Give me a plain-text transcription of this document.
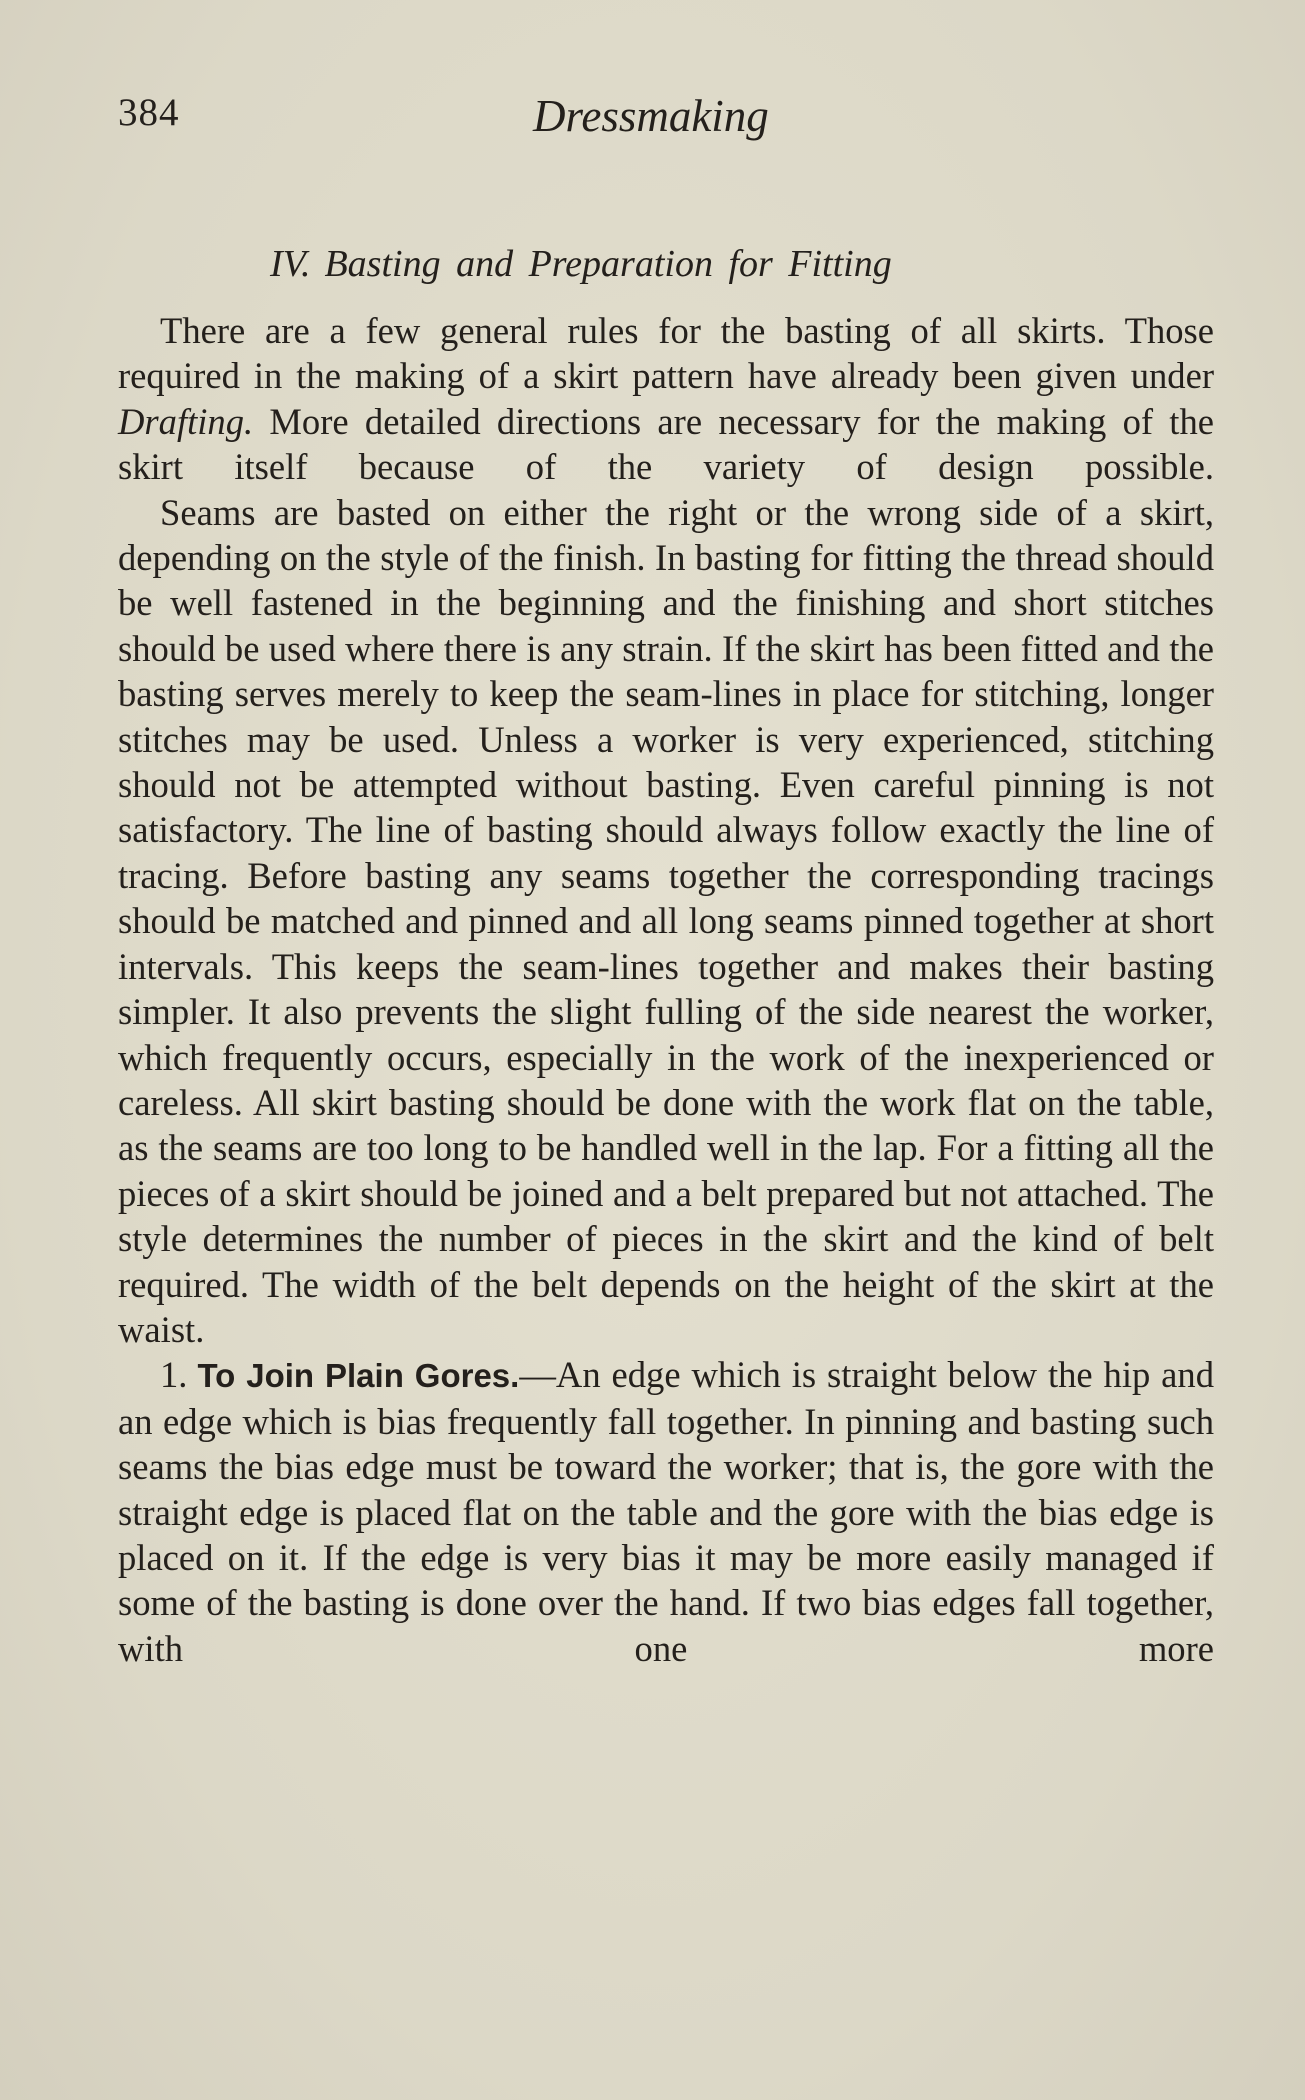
384	Dressmaking
IV. Basting and Preparation for Fitting

There are a few general rules for the basting of all skirts. Those required in the making of a skirt pattern have already been given under Drafting. More detailed directions are necessary for the making of the skirt itself because of the variety of design possible.

Seams are basted on either the right or the wrong side of a skirt, depending on the style of the finish. In basting for fitting the thread should be well fastened in the beginning and the finishing and short stitches should be used where there is any strain. If the skirt has been fitted and the basting serves merely to keep the seam-lines in place for stitching, longer stitches may be used. Unless a worker is very experienced, stitching should not be attempted without basting. Even careful pinning is not satisfactory. The line of basting should always follow exactly the line of tracing. Before basting any seams together the corresponding tracings should be matched and pinned and all long seams pinned together at short intervals. This keeps the seam-lines together and makes their basting simpler. It also prevents the slight fulling of the side nearest the worker, which frequently occurs, especially in the work of the inexperienced or careless. All skirt basting should be done with the work flat on the table, as the seams are too long to be handled well in the lap. For a fitting all the pieces of a skirt should be joined and a belt prepared but not attached. The style determines the number of pieces in the skirt and the kind of belt required. The width of the belt depends on the height of the skirt at the waist.

1. To Join Plain Gores.—An edge which is straight below the hip and an edge which is bias frequently fall together. In pinning and basting such seams the bias edge must be toward the worker; that is, the gore with the straight edge is placed flat on the table and the gore with the bias edge is placed on it. If the edge is very bias it may be more easily managed if some of the basting is done over the hand. If two bias edges fall together, with one more
